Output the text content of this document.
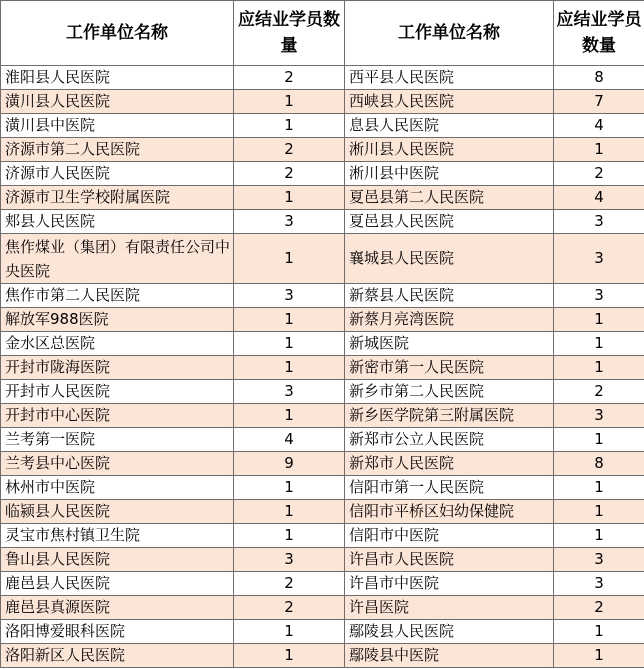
工作单位名称	应结业学员数量	工作单位名称	应结业学员数量
淮阳县人民医院	2	西平县人民医院	8
潢川县人民医院	1	西峡县人民医院	7
潢川县中医院	1	息县人民医院	4
济源市第二人民医院	2	淅川县人民医院	1
济源市人民医院	2	淅川县中医院	2
济源市卫生学校附属医院	1	夏邑县第二人民医院	4
郏县人民医院	3	夏邑县人民医院	3
焦作煤业（集团）有限责任公司中央医院	1	襄城县人民医院	3
焦作市第二人民医院	3	新蔡县人民医院	3
解放军988医院	1	新蔡月亮湾医院	1
金水区总医院	1	新城医院	1
开封市陇海医院	1	新密市第一人民医院	1
开封市人民医院	3	新乡市第二人民医院	2
开封市中心医院	1	新乡医学院第三附属医院	3
兰考第一医院	4	新郑市公立人民医院	1
兰考县中心医院	9	新郑市人民医院	8
林州市中医院	1	信阳市第一人民医院	1
临颍县人民医院	1	信阳市平桥区妇幼保健院	1
灵宝市焦村镇卫生院	1	信阳市中医院	1
鲁山县人民医院	3	许昌市人民医院	3
鹿邑县人民医院	2	许昌市中医院	3
鹿邑县真源医院	2	许昌医院	2
洛阳博爱眼科医院	1	鄢陵县人民医院	1
洛阳新区人民医院	1	鄢陵县中医院	1
